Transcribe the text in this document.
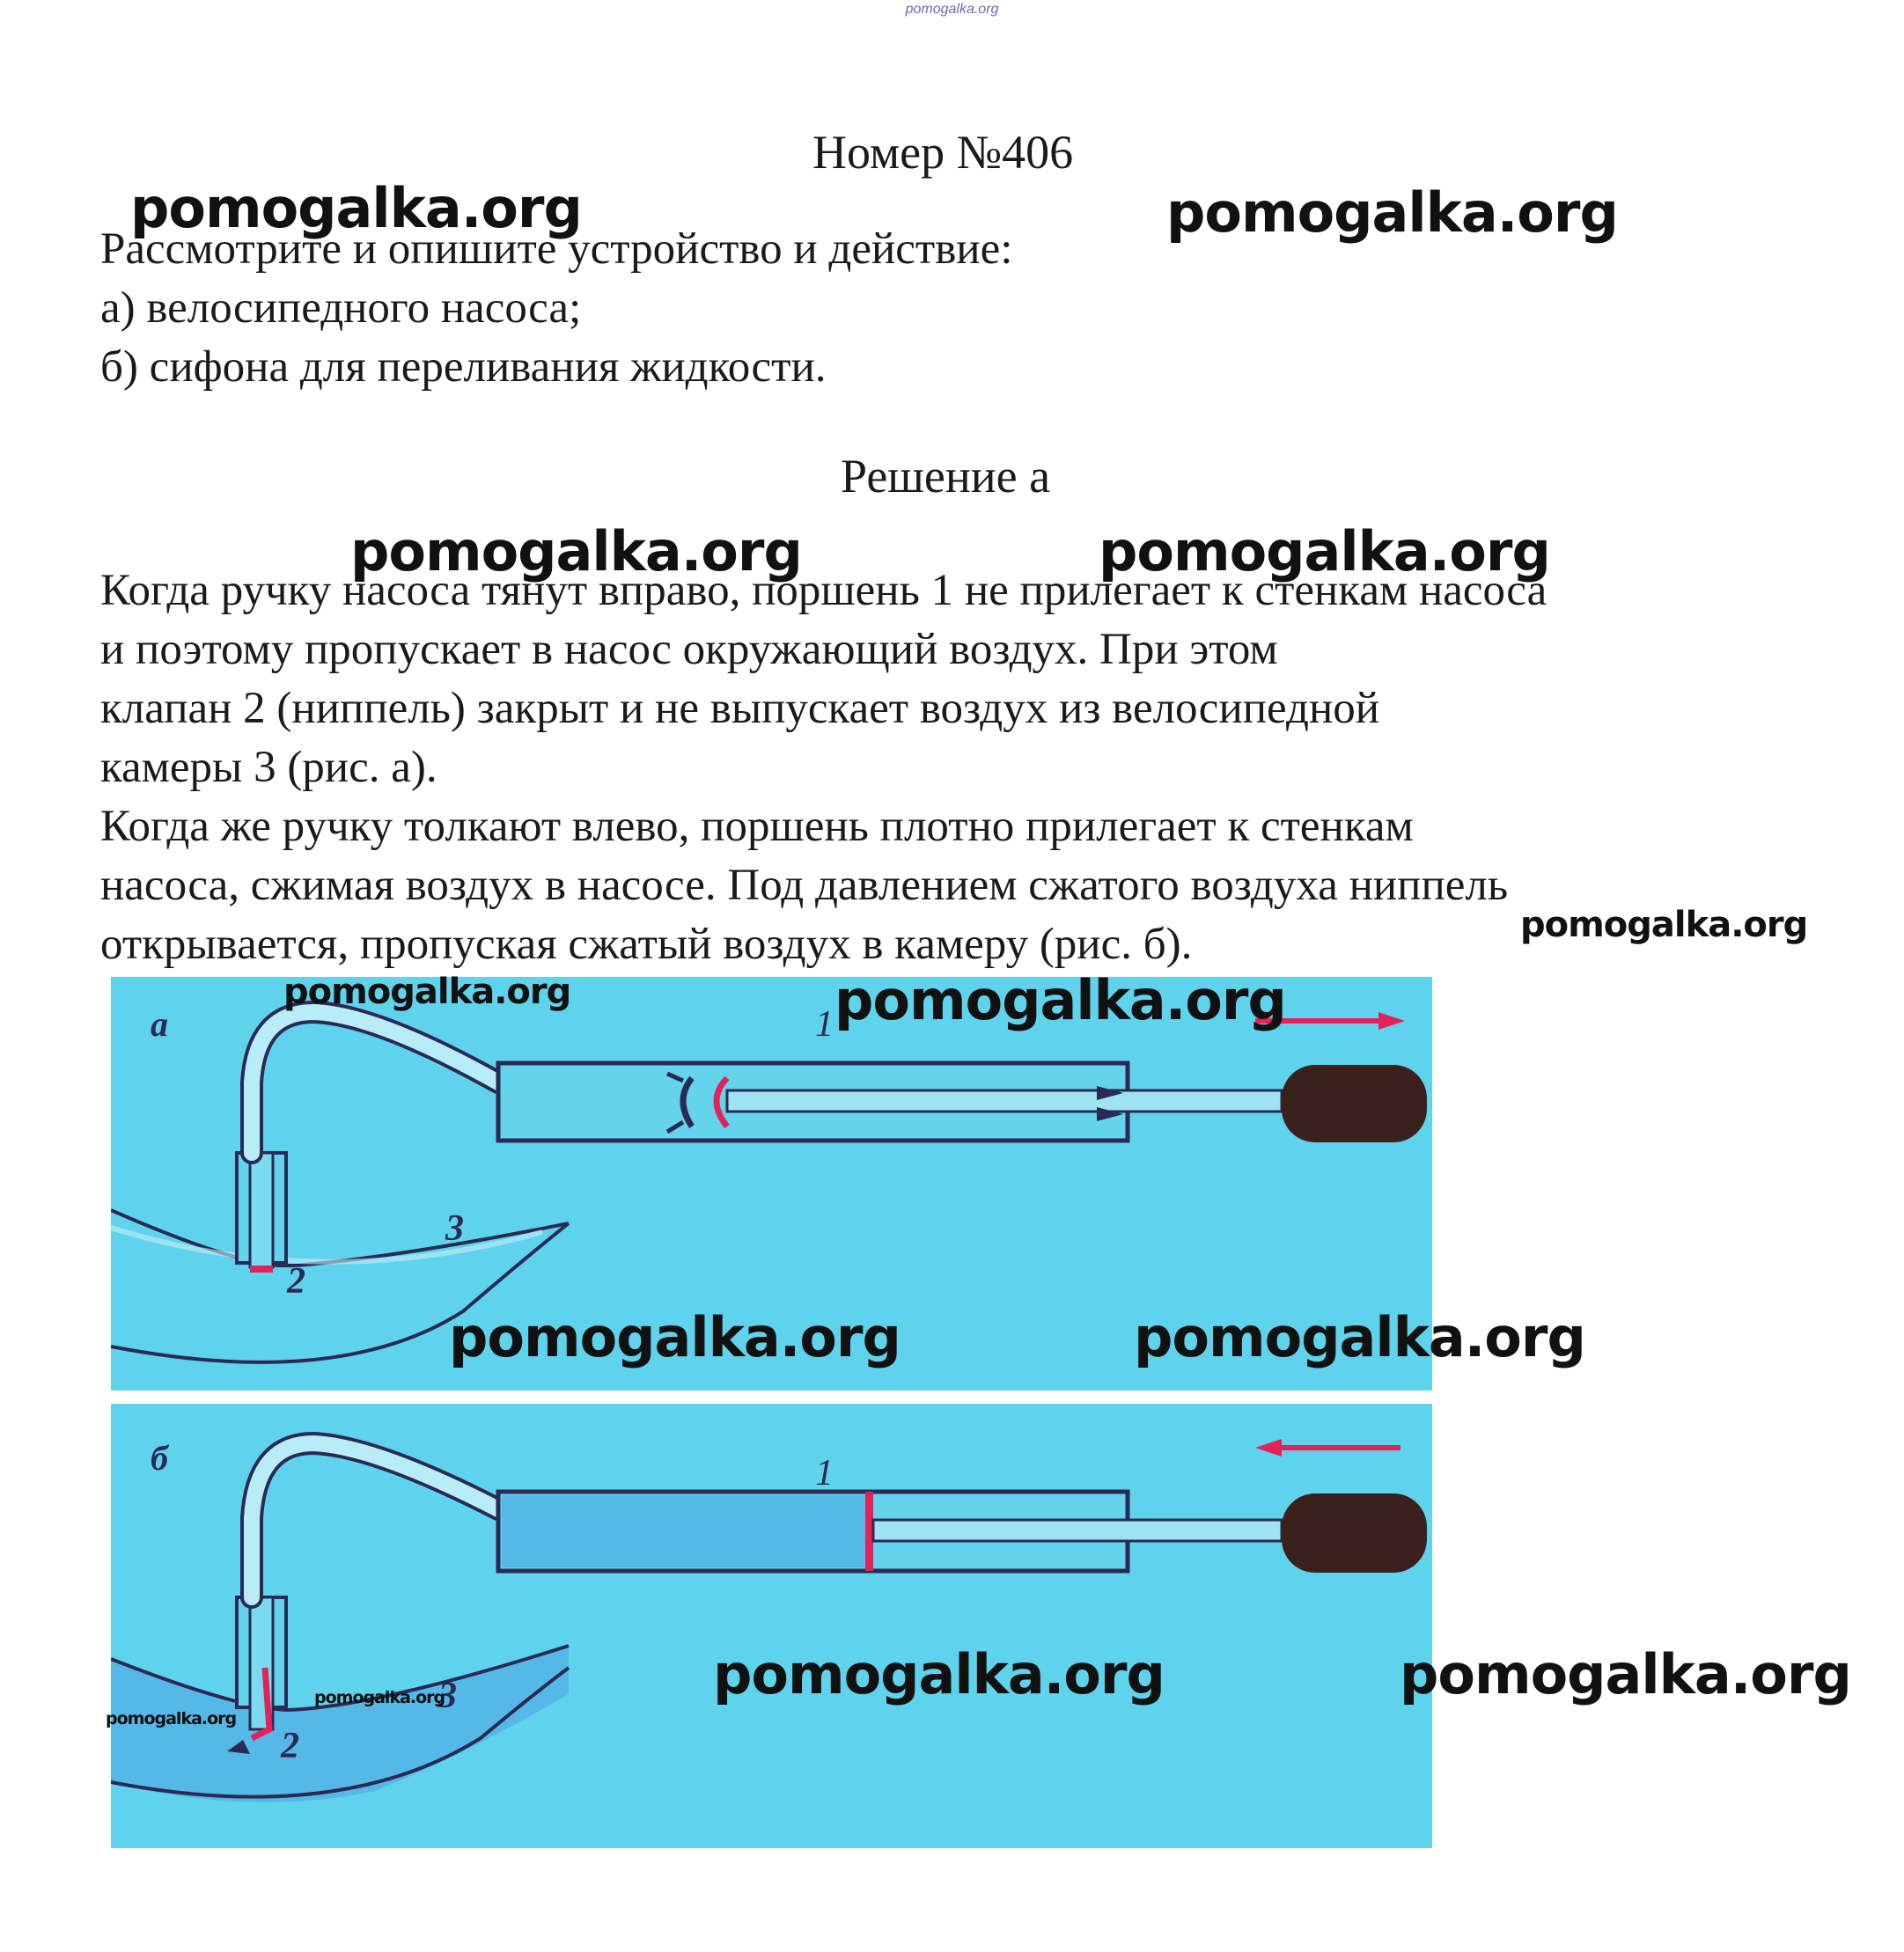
pomogalka.org
Номер №406
Рассмотрите и опишите устройство и действие:
а) велосипедного насоса;
б) сифона для переливания жидкости.
Решение а
Когда ручку насоса тянут вправо, поршень 1 не прилегает к стенкам насоса
и поэтому пропускает в насос окружающий воздух. При этом
клапан 2 (ниппель) закрыт и не выпускает воздух из велосипедной
камеры 3 (рис. а).
Когда же ручку толкают влево, поршень плотно прилегает к стенкам
насоса, сжимая воздух в насосе. Под давлением сжатого воздуха ниппель
открывается, пропуская сжатый воздух в камеру (рис. б).
а	1
2
3
б	1
2
3
pomogalka.org	pomogalka.org
pomogalka.org	pomogalka.org
pomogalka.org
pomogalka.org	pomogalka.org
pomogalka.org	pomogalka.org
pomogalka.org	pomogalka.org
pomogalka.org
pomogalka.org
